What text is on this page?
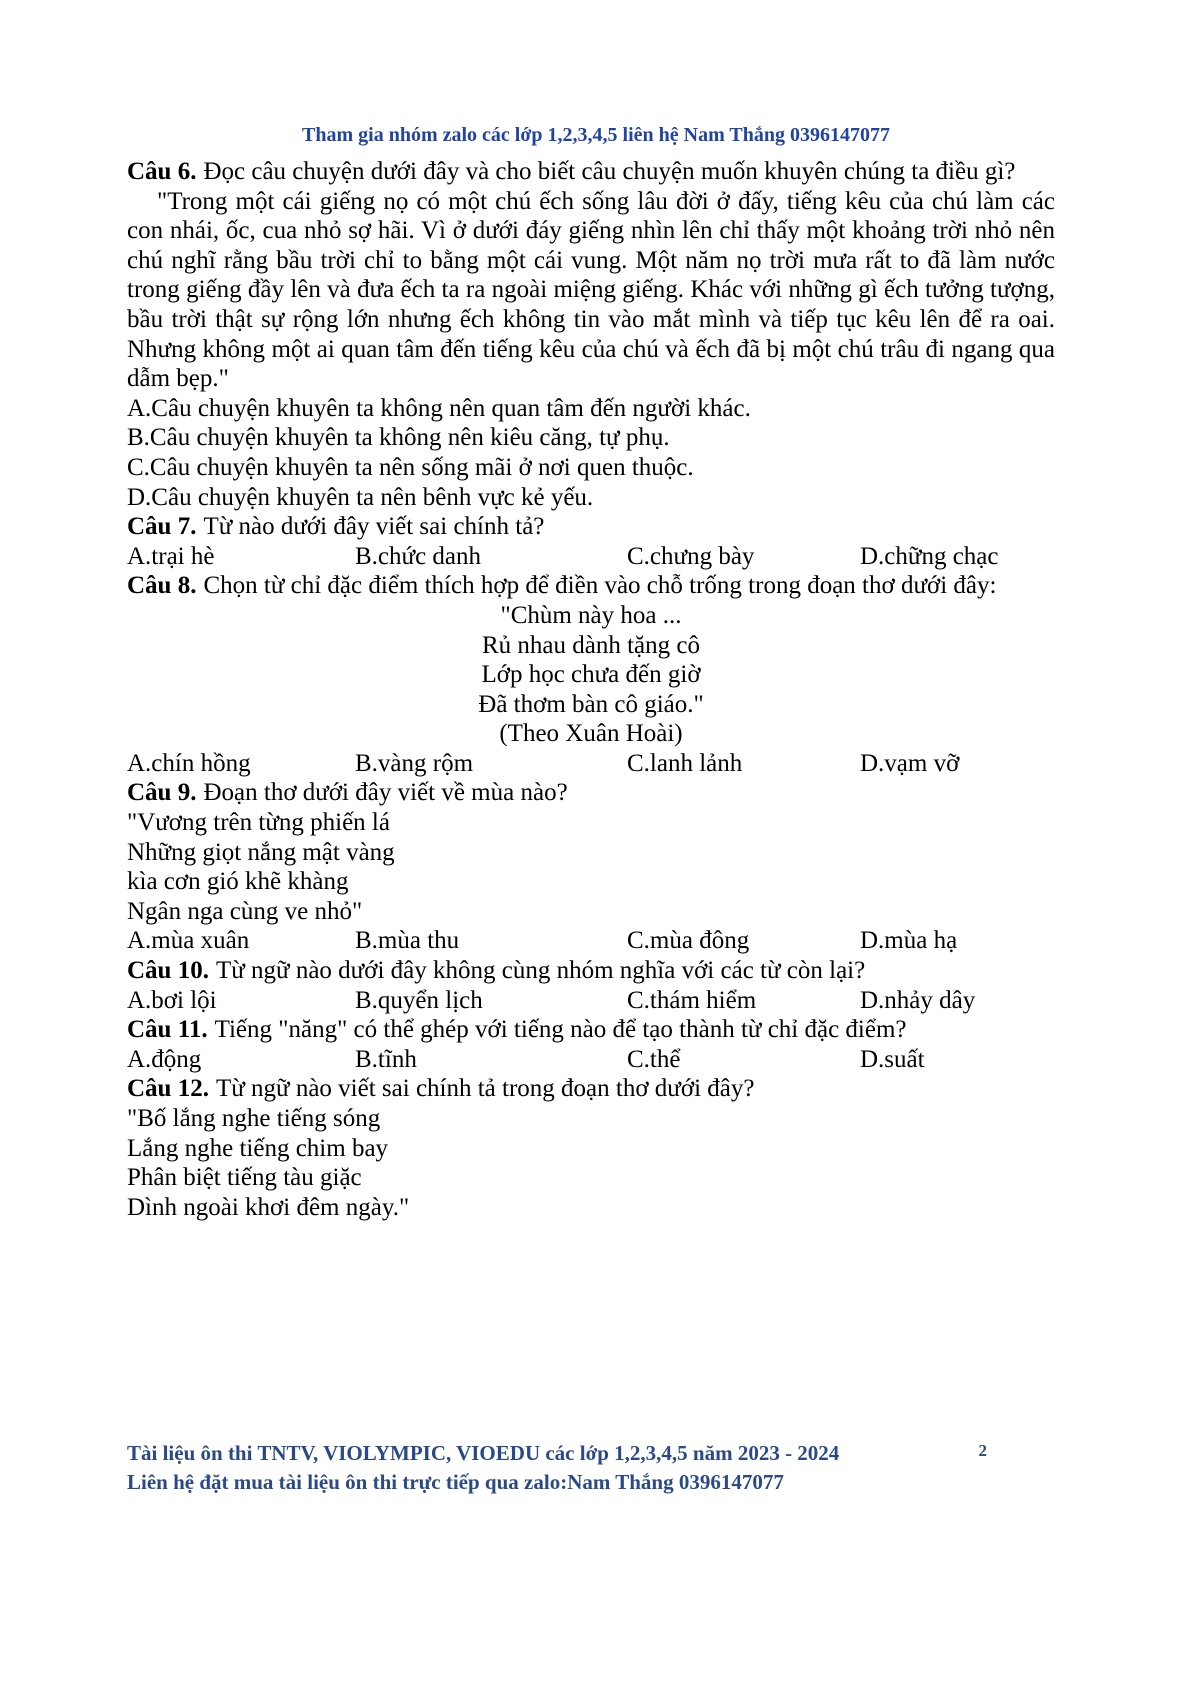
Tham gia nhóm zalo các lớp 1,2,3,4,5 liên hệ Nam Thắng 0396147077

Câu 6. Đọc câu chuyện dưới đây và cho biết câu chuyện muốn khuyên chúng ta điều gì?

"Trong một cái giếng nọ có một chú ếch sống lâu đời ở đấy, tiếng kêu của chú làm các con nhái, ốc, cua nhỏ sợ hãi. Vì ở dưới đáy giếng nhìn lên chỉ thấy một khoảng trời nhỏ nên chú nghĩ rằng bầu trời chỉ to bằng một cái vung. Một năm nọ trời mưa rất to đã làm nước trong giếng đầy lên và đưa ếch ta ra ngoài miệng giếng. Khác với những gì ếch tưởng tượng, bầu trời thật sự rộng lớn nhưng ếch không tin vào mắt mình và tiếp tục kêu lên để ra oai. Nhưng không một ai quan tâm đến tiếng kêu của chú và ếch đã bị một chú trâu đi ngang qua dẫm bẹp."

A.Câu chuyện khuyên ta không nên quan tâm đến người khác.

B.Câu chuyện khuyên ta không nên kiêu căng, tự phụ.

C.Câu chuyện khuyên ta nên sống mãi ở nơi quen thuộc.

D.Câu chuyện khuyên ta nên bênh vực kẻ yếu.

Câu 7. Từ nào dưới đây viết sai chính tả?

A.trại hè	B.chức danh	C.chưng bày	D.chững chạc

Câu 8. Chọn từ chỉ đặc điểm thích hợp để điền vào chỗ trống trong đoạn thơ dưới đây:

"Chùm này hoa ...

Rủ nhau dành tặng cô

Lớp học chưa đến giờ

Đã thơm bàn cô giáo."

(Theo Xuân Hoài)

A.chín hồng	B.vàng rộm	C.lanh lảnh	D.vạm vỡ

Câu 9. Đoạn thơ dưới đây viết về mùa nào?

"Vương trên từng phiến lá

Những giọt nắng mật vàng

kìa cơn gió khẽ khàng

Ngân nga cùng ve nhỏ"

A.mùa xuân	B.mùa thu	C.mùa đông	D.mùa hạ

Câu 10. Từ ngữ nào dưới đây không cùng nhóm nghĩa với các từ còn lại?

A.bơi lội	B.quyển lịch	C.thám hiểm	D.nhảy dây

Câu 11. Tiếng "năng" có thể ghép với tiếng nào để tạo thành từ chỉ đặc điểm?

A.động	B.tĩnh	C.thể	D.suất

Câu 12. Từ ngữ nào viết sai chính tả trong đoạn thơ dưới đây?

"Bố lắng nghe tiếng sóng

Lắng nghe tiếng chim bay

Phân biệt tiếng tàu giặc

Dình ngoài khơi đêm ngày."

Tài liệu ôn thi TNTV, VIOLYMPIC, VIOEDU các lớp 1,2,3,4,5 năm 2023 - 2024
Liên hệ đặt mua tài liệu ôn thi trực tiếp qua zalo:Nam Thắng 0396147077
2
